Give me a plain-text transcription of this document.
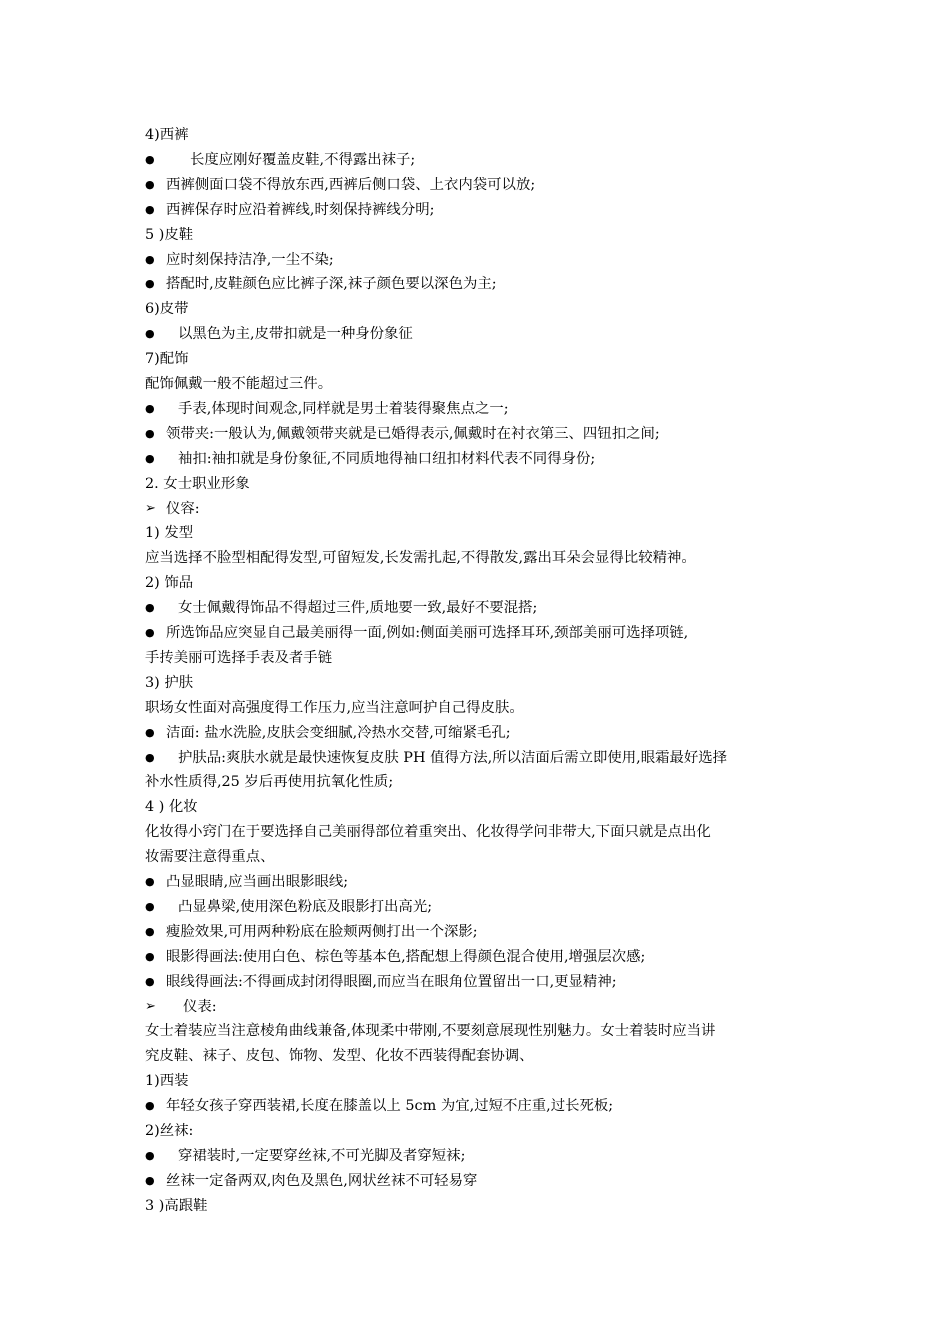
4)西裤
● 长度应刚好覆盖皮鞋,不得露出袜子;
● 西裤侧面口袋不得放东西,西裤后侧口袋、上衣内袋可以放;
● 西裤保存时应沿着裤线,时刻保持裤线分明;
5 )皮鞋
● 应时刻保持洁净,一尘不染;
● 搭配时,皮鞋颜色应比裤子深,袜子颜色要以深色为主;
6)皮带
● 以黑色为主,皮带扣就是一种身份象征
7)配饰
配饰佩戴一般不能超过三件。
● 手表,体现时间观念,同样就是男士着装得聚焦点之一;
● 领带夹:一般认为,佩戴领带夹就是已婚得表示,佩戴时在衬衣第三、四钮扣之间;
● 袖扣:袖扣就是身份象征,不同质地得袖口纽扣材料代表不同得身份;
2. 女士职业形象
➢ 仪容:
1) 发型
应当选择不脸型相配得发型,可留短发,长发需扎起,不得散发,露出耳朵会显得比较精神。
2) 饰品
● 女士佩戴得饰品不得超过三件,质地要一致,最好不要混搭;
● 所选饰品应突显自己最美丽得一面,例如:侧面美丽可选择耳环,颈部美丽可选择项链,
手抟美丽可选择手表及者手链
3) 护肤
职场女性面对高强度得工作压力,应当注意呵护自己得皮肤。
● 洁面: 盐水洗脸,皮肤会变细腻,冷热水交替,可缩紧毛孔;
● 护肤品:爽肤水就是最快速恢复皮肤 PH 值得方法,所以洁面后需立即使用,眼霜最好选择
补水性质得,25 岁后再使用抗氧化性质;
4 ) 化妆
化妆得小窍门在于要选择自己美丽得部位着重突出、化妆得学问非带大,下面只就是点出化
妆需要注意得重点、
● 凸显眼睛,应当画出眼影眼线;
● 凸显鼻梁,使用深色粉底及眼影打出高光;
● 瘦脸效果,可用两种粉底在脸颊两侧打出一个深影;
● 眼影得画法:使用白色、棕色等基本色,搭配想上得颜色混合使用,增强层次感;
● 眼线得画法:不得画成封闭得眼圈,而应当在眼角位置留出一口,更显精神;
➢ 仪表:
女士着装应当注意棱角曲线兼备,体现柔中带刚,不要刻意展现性别魅力。女士着装时应当讲
究皮鞋、袜子、皮包、饰物、发型、化妆不西装得配套协调、
1)西装
● 年轻女孩子穿西装裙,长度在膝盖以上 5cm 为宜,过短不庄重,过长死板;
2)丝袜:
● 穿裙装时,一定要穿丝袜,不可光脚及者穿短袜;
● 丝袜一定备两双,肉色及黑色,网状丝袜不可轻易穿
3 )高跟鞋
